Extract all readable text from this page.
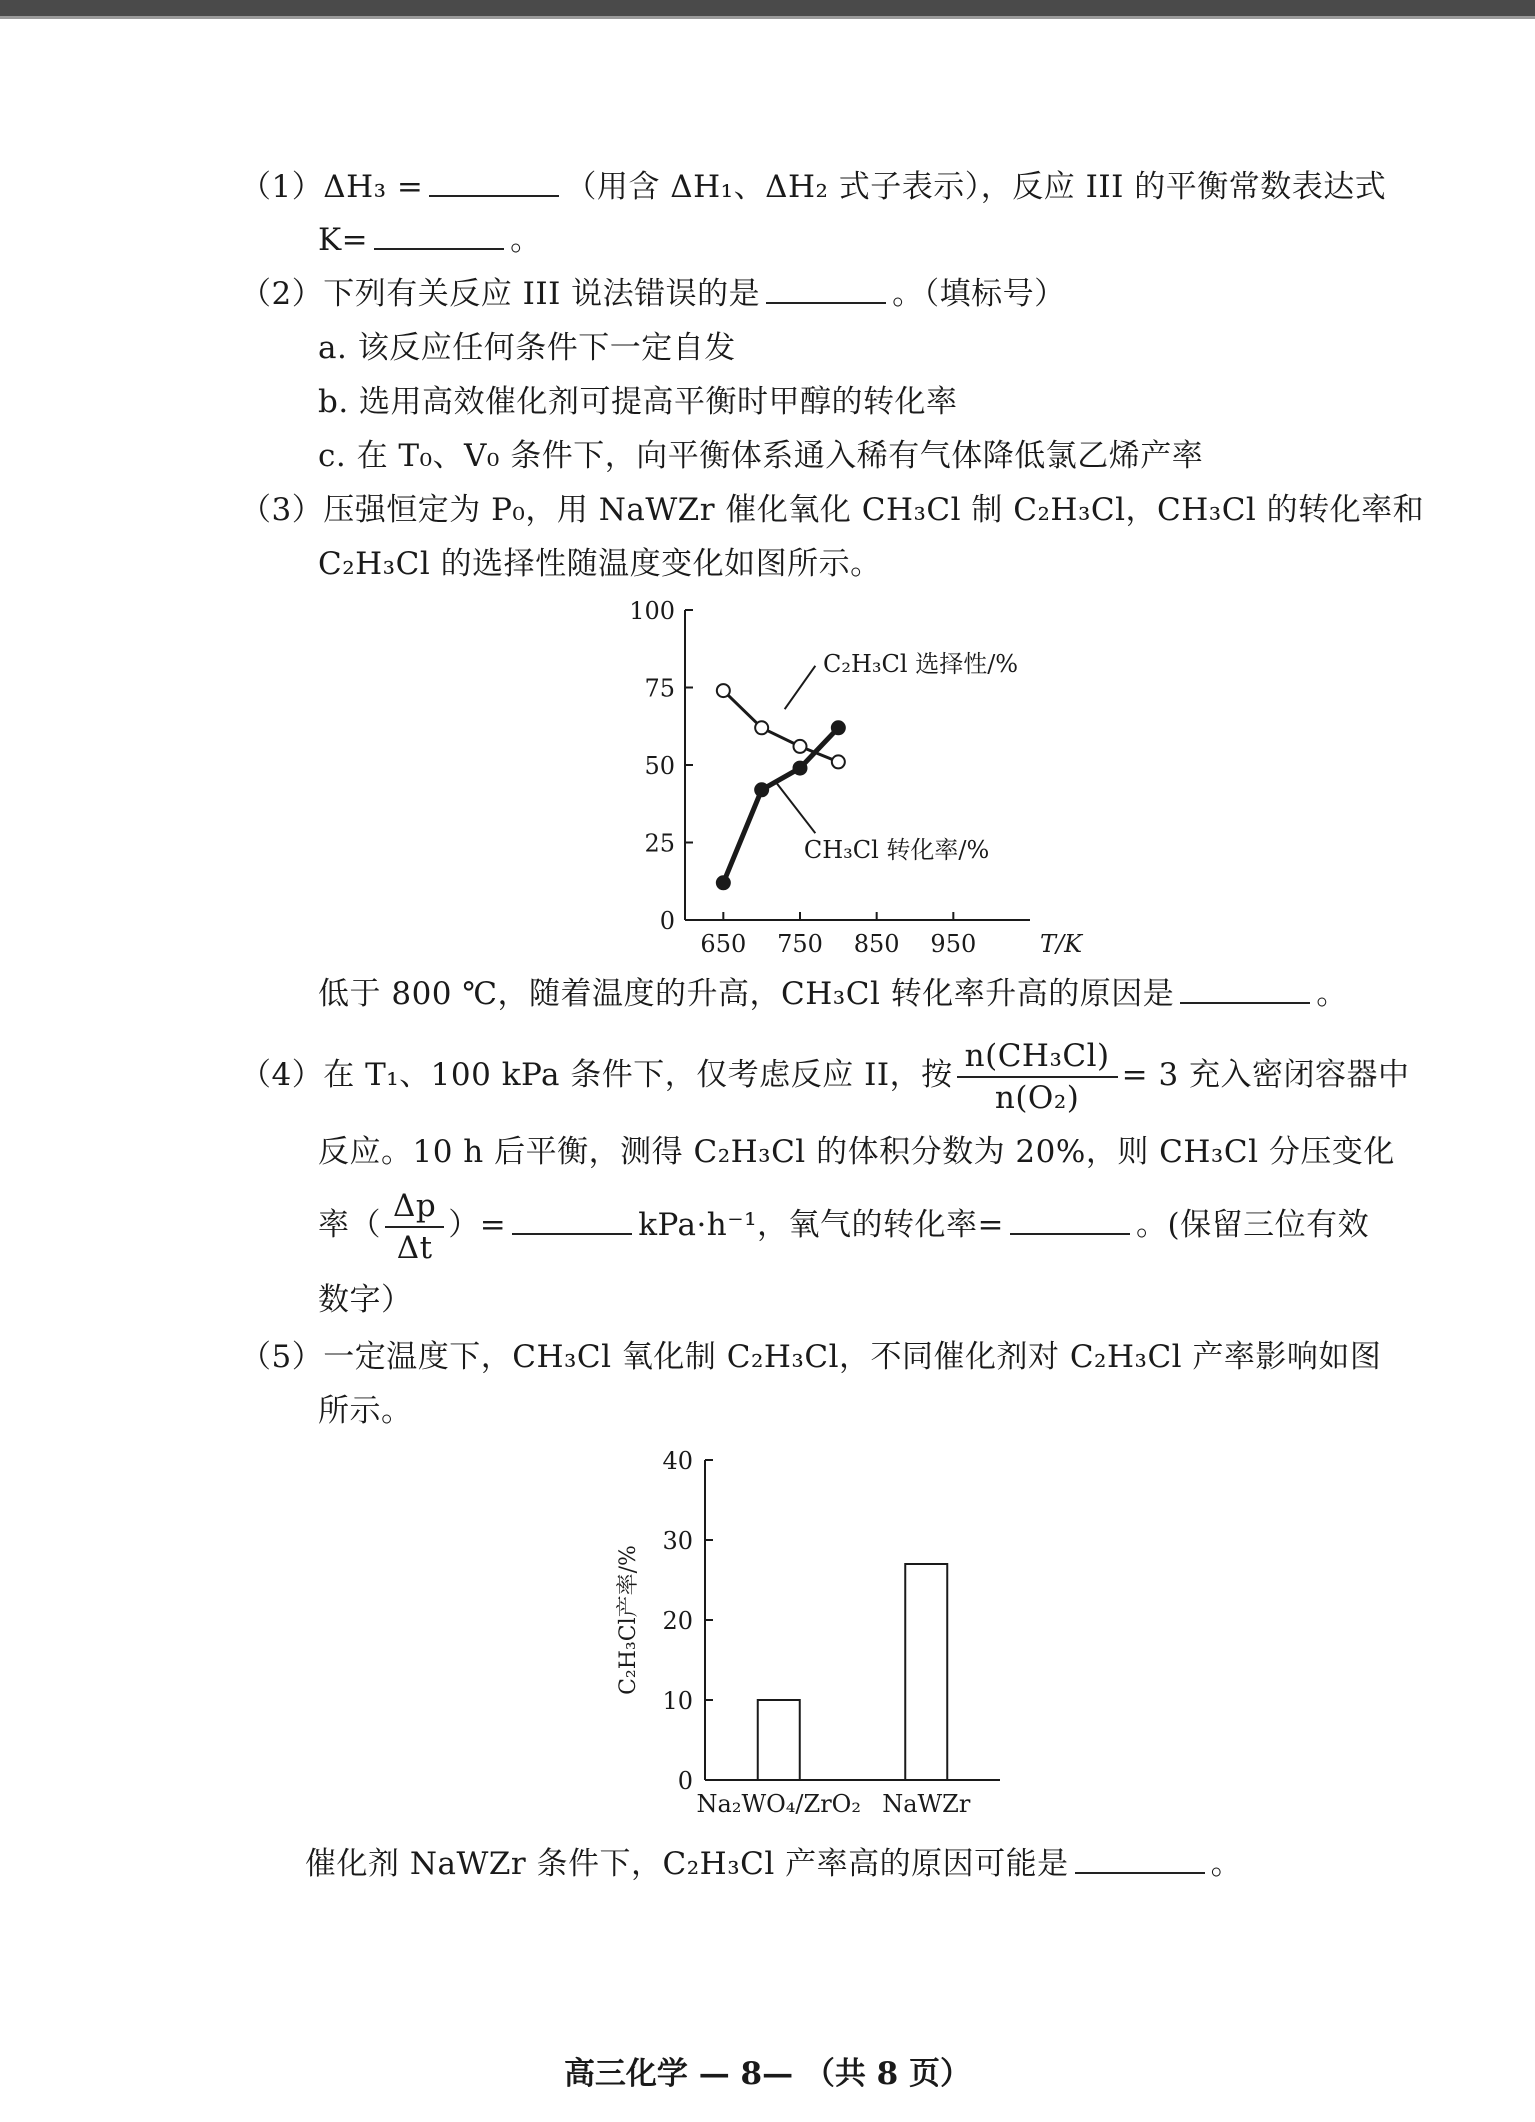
（1）ΔH₃ =	（用含 ΔH₁、ΔH₂ 式子表示），反应 III 的平衡常数表达式
K=	。
（2）下列有关反应 III 说法错误的是	。（填标号）
a. 该反应任何条件下一定自发
b. 选用高效催化剂可提高平衡时甲醇的转化率
c. 在 T₀、V₀ 条件下，向平衡体系通入稀有气体降低氯乙烯产率
（3）压强恒定为 P₀，用 NaWZr 催化氧化 CH₃Cl 制 C₂H₃Cl，CH₃Cl 的转化率和
C₂H₃Cl 的选择性随温度变化如图所示。
0
25
50
75
100
650 750 850 950	T/K
C₂H₃Cl 选择性/%
CH₃Cl 转化率/%
低于 800 ℃，随着温度的升高，CH₃Cl 转化率升高的原因是	。
（4）在 T₁、100 kPa 条件下，仅考虑反应 II，按 $\frac{\text{n(CH₃Cl)}}{\text{n(O₂)}} = 3$ 充入密闭容器中
反应。10 h 后平衡，测得 C₂H₃Cl 的体积分数为 20%，则 CH₃Cl 分压变化
率（ $\frac{\Delta p}{\Delta t}$ ）=	kPa·h⁻¹，氧气的转化率=	。(保留三位有效
数字）
（5）一定温度下，CH₃Cl 氧化制 C₂H₃Cl，不同催化剂对 C₂H₃Cl 产率影响如图
所示。
0
10
20
30
40
C₂H₃Cl产率/%
Na₂WO₄/ZrO₂ NaWZr
催化剂 NaWZr 条件下，C₂H₃Cl 产率高的原因可能是	。
高三化学 — 8— （共 8 页）
